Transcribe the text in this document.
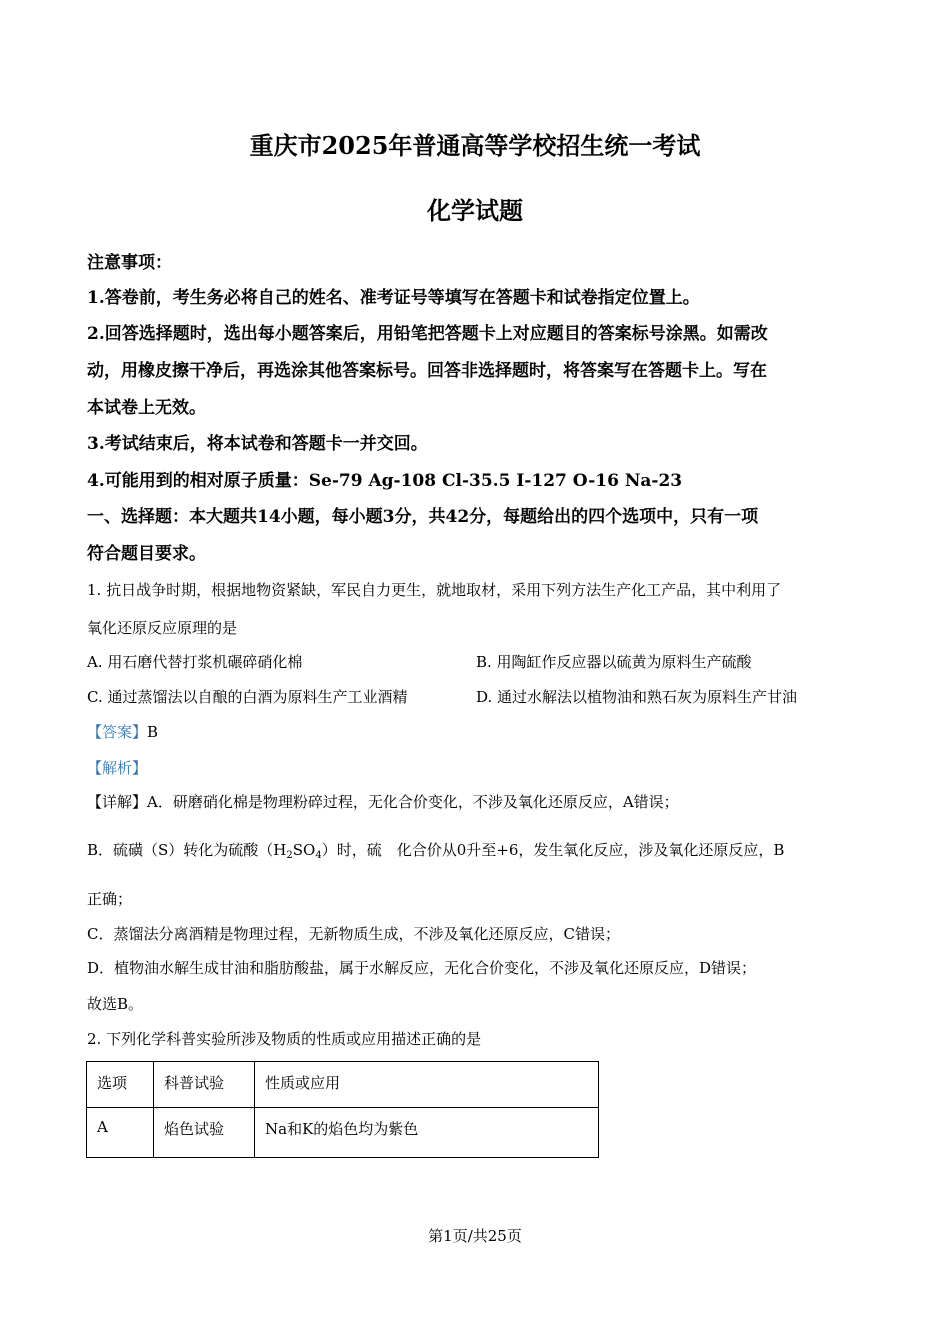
重庆市2025年普通高等学校招生统一考试
化学试题
注意事项：
1.答卷前，考生务必将自己的姓名、准考证号等填写在答题卡和试卷指定位置上。
2.回答选择题时，选出每小题答案后，用铅笔把答题卡上对应题目的答案标号涂黑。如需改
动，用橡皮擦干净后，再选涂其他答案标号。回答非选择题时，将答案写在答题卡上。写在
本试卷上无效。
3.考试结束后，将本试卷和答题卡一并交回。
4.可能用到的相对原子质量：Se-79 Ag-108 Cl-35.5 I-127 O-16 Na-23
一、选择题：本大题共14小题，每小题3分，共42分，每题给出的四个选项中，只有一项
符合题目要求。
1. 抗日战争时期，根据地物资紧缺，军民自力更生，就地取材，采用下列方法生产化工产品，其中利用了
氧化还原反应原理的是
A. 用石磨代替打浆机碾碎硝化棉	B. 用陶缸作反应器以硫黄为原料生产硫酸
C. 通过蒸馏法以自酿的白酒为原料生产工业酒精	D. 通过水解法以植物油和熟石灰为原料生产甘油
【答案】B
【解析】
【详解】A．研磨硝化棉是物理粉碎过程，无化合价变化，不涉及氧化还原反应，A错误；
B．硫磺（S）转化为硫酸$(H_2SO_4)$时，硫　化合价从0升至+6，发生氧化反应，涉及氧化还原反应，B
正确；
C．蒸馏法分离酒精是物理过程，无新物质生成，不涉及氧化还原反应，C错误；
D．植物油水解生成甘油和脂肪酸盐，属于水解反应，无化合价变化，不涉及氧化还原反应，D错误；
故选B。
2. 下列化学科普实验所涉及物质的性质或应用描述正确的是
选项	科普试验	性质或应用
A	焰色试验	Na和K的焰色均为紫色
第1页/共25页
